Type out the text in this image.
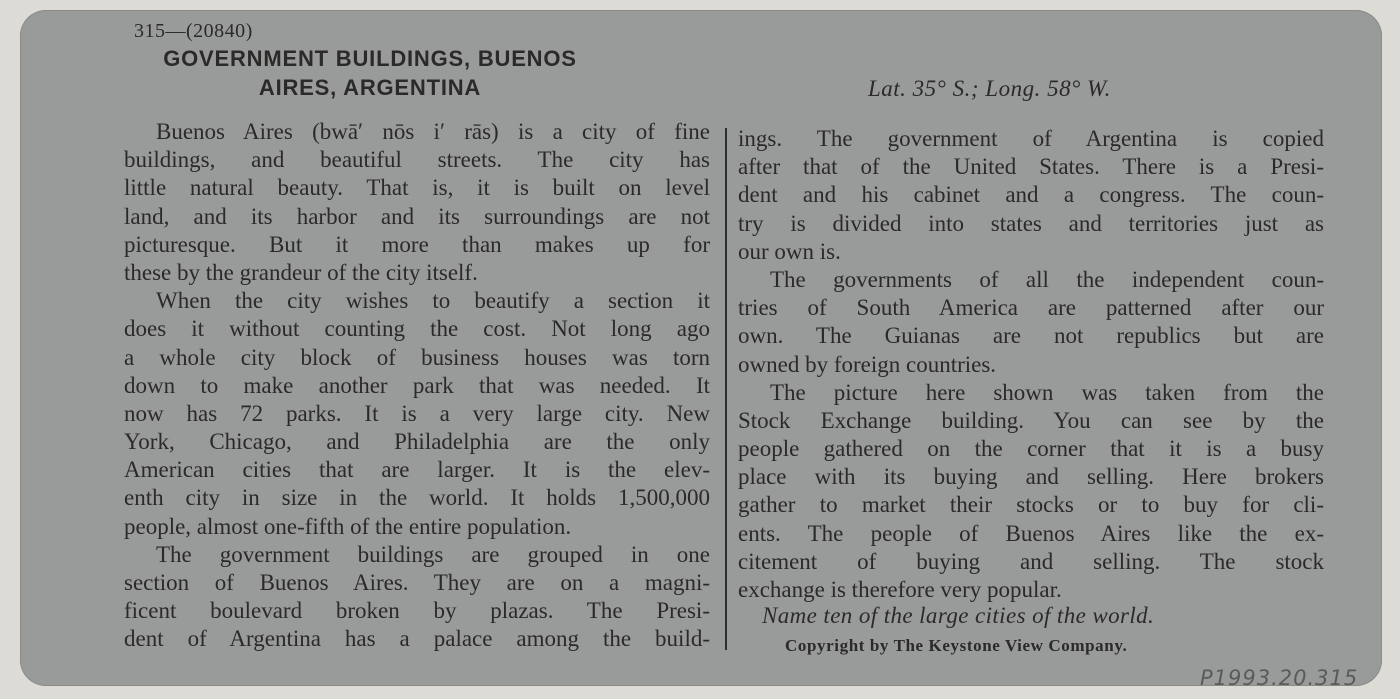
315—(20840)
GOVERNMENT BUILDINGS, BUENOS
AIRES, ARGENTINA	Lat. 35° S.; Long. 58° W.
Buenos Aires (bwā′ nōs i′ rās) is a city of fine
buildings, and beautiful streets. The city has
little natural beauty. That is, it is built on level
land, and its harbor and its surroundings are not
picturesque. But it more than makes up for
these by the grandeur of the city itself.
When the city wishes to beautify a section it
does it without counting the cost. Not long ago
a whole city block of business houses was torn
down to make another park that was needed. It
now has 72 parks. It is a very large city. New
York, Chicago, and Philadelphia are the only
American cities that are larger. It is the elev-
enth city in size in the world. It holds 1,500,000
people, almost one-fifth of the entire population.
The government buildings are grouped in one
section of Buenos Aires. They are on a magni-
ficent boulevard broken by plazas. The Presi-
dent of Argentina has a palace among the build-
ings. The government of Argentina is copied
after that of the United States. There is a Presi-
dent and his cabinet and a congress. The coun-
try is divided into states and territories just as
our own is.
The governments of all the independent coun-
tries of South America are patterned after our
own. The Guianas are not republics but are
owned by foreign countries.
The picture here shown was taken from the
Stock Exchange building. You can see by the
people gathered on the corner that it is a busy
place with its buying and selling. Here brokers
gather to market their stocks or to buy for cli-
ents. The people of Buenos Aires like the ex-
citement of buying and selling. The stock
exchange is therefore very popular.
Name ten of the large cities of the world.
Copyright by The Keystone View Company.
P1993.20.315
